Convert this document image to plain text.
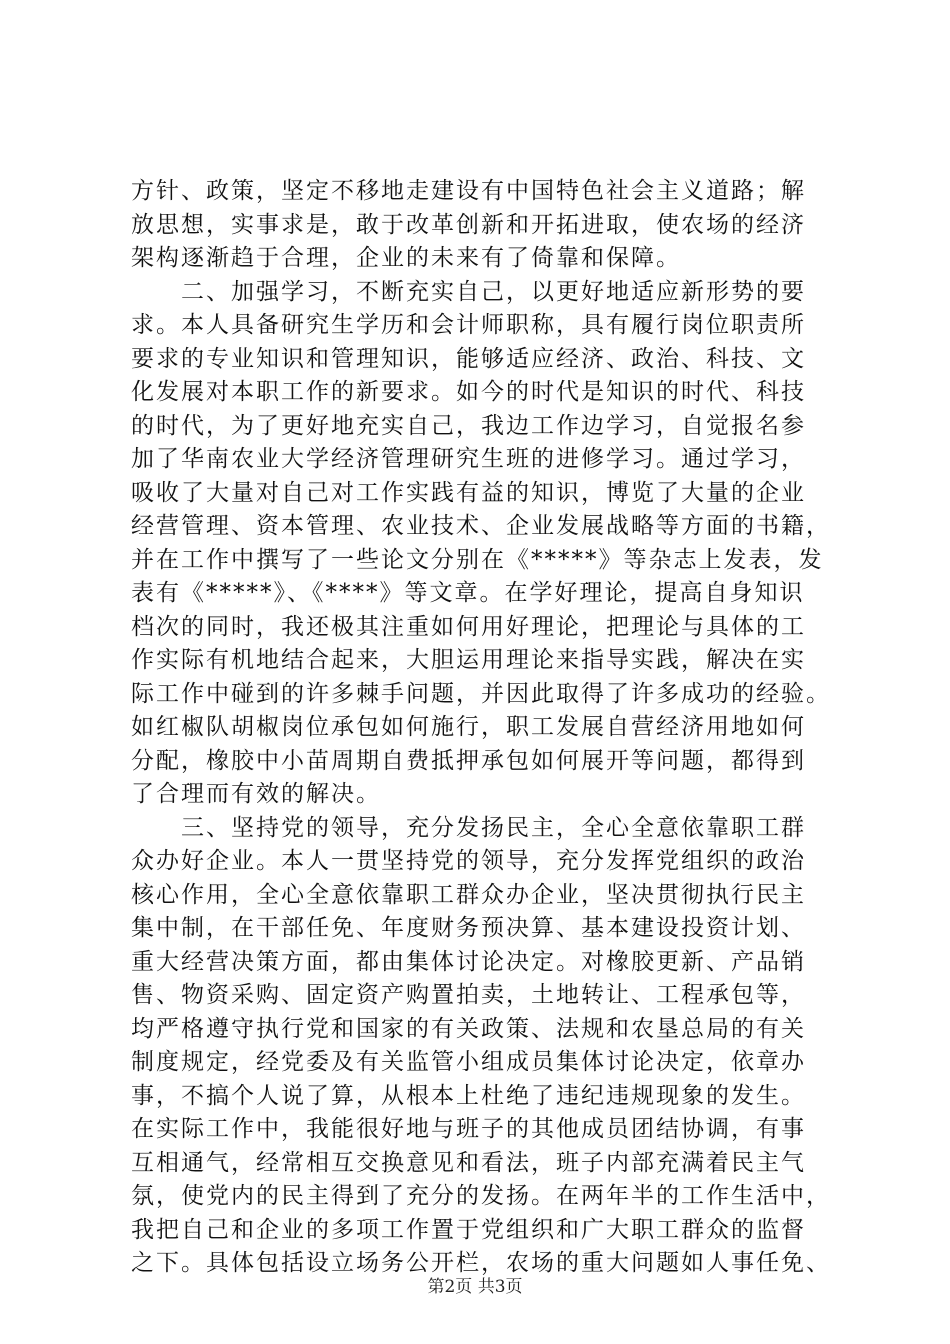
方针、政策，坚定不移地走建设有中国特色社会主义道路；解
放思想，实事求是，敢于改革创新和开拓进取，使农场的经济
架构逐渐趋于合理，企业的未来有了倚靠和保障。
　　二、加强学习，不断充实自己，以更好地适应新形势的要
求。本人具备研究生学历和会计师职称，具有履行岗位职责所
要求的专业知识和管理知识，能够适应经济、政治、科技、文
化发展对本职工作的新要求。如今的时代是知识的时代、科技
的时代，为了更好地充实自己，我边工作边学习，自觉报名参
加了华南农业大学经济管理研究生班的进修学习。通过学习，
吸收了大量对自己对工作实践有益的知识，博览了大量的企业
经营管理、资本管理、农业技术、企业发展战略等方面的书籍，
并在工作中撰写了一些论文分别在《*****》等杂志上发表，发
表有《*****》、《****》等文章。在学好理论，提高自身知识
档次的同时，我还极其注重如何用好理论，把理论与具体的工
作实际有机地结合起来，大胆运用理论来指导实践，解决在实
际工作中碰到的许多棘手问题，并因此取得了许多成功的经验。
如红椒队胡椒岗位承包如何施行，职工发展自营经济用地如何
分配，橡胶中小苗周期自费抵押承包如何展开等问题，都得到
了合理而有效的解决。
　　三、坚持党的领导，充分发扬民主，全心全意依靠职工群
众办好企业。本人一贯坚持党的领导，充分发挥党组织的政治
核心作用，全心全意依靠职工群众办企业，坚决贯彻执行民主
集中制，在干部任免、年度财务预决算、基本建设投资计划、
重大经营决策方面，都由集体讨论决定。对橡胶更新、产品销
售、物资采购、固定资产购置拍卖，土地转让、工程承包等，
均严格遵守执行党和国家的有关政策、法规和农垦总局的有关
制度规定，经党委及有关监管小组成员集体讨论决定，依章办
事，不搞个人说了算，从根本上杜绝了违纪违规现象的发生。
在实际工作中，我能很好地与班子的其他成员团结协调，有事
互相通气，经常相互交换意见和看法，班子内部充满着民主气
氛，使党内的民主得到了充分的发扬。在两年半的工作生活中，
我把自己和企业的多项工作置于党组织和广大职工群众的监督
之下。具体包括设立场务公开栏，农场的重大问题如人事任免、
第2页 共3页
